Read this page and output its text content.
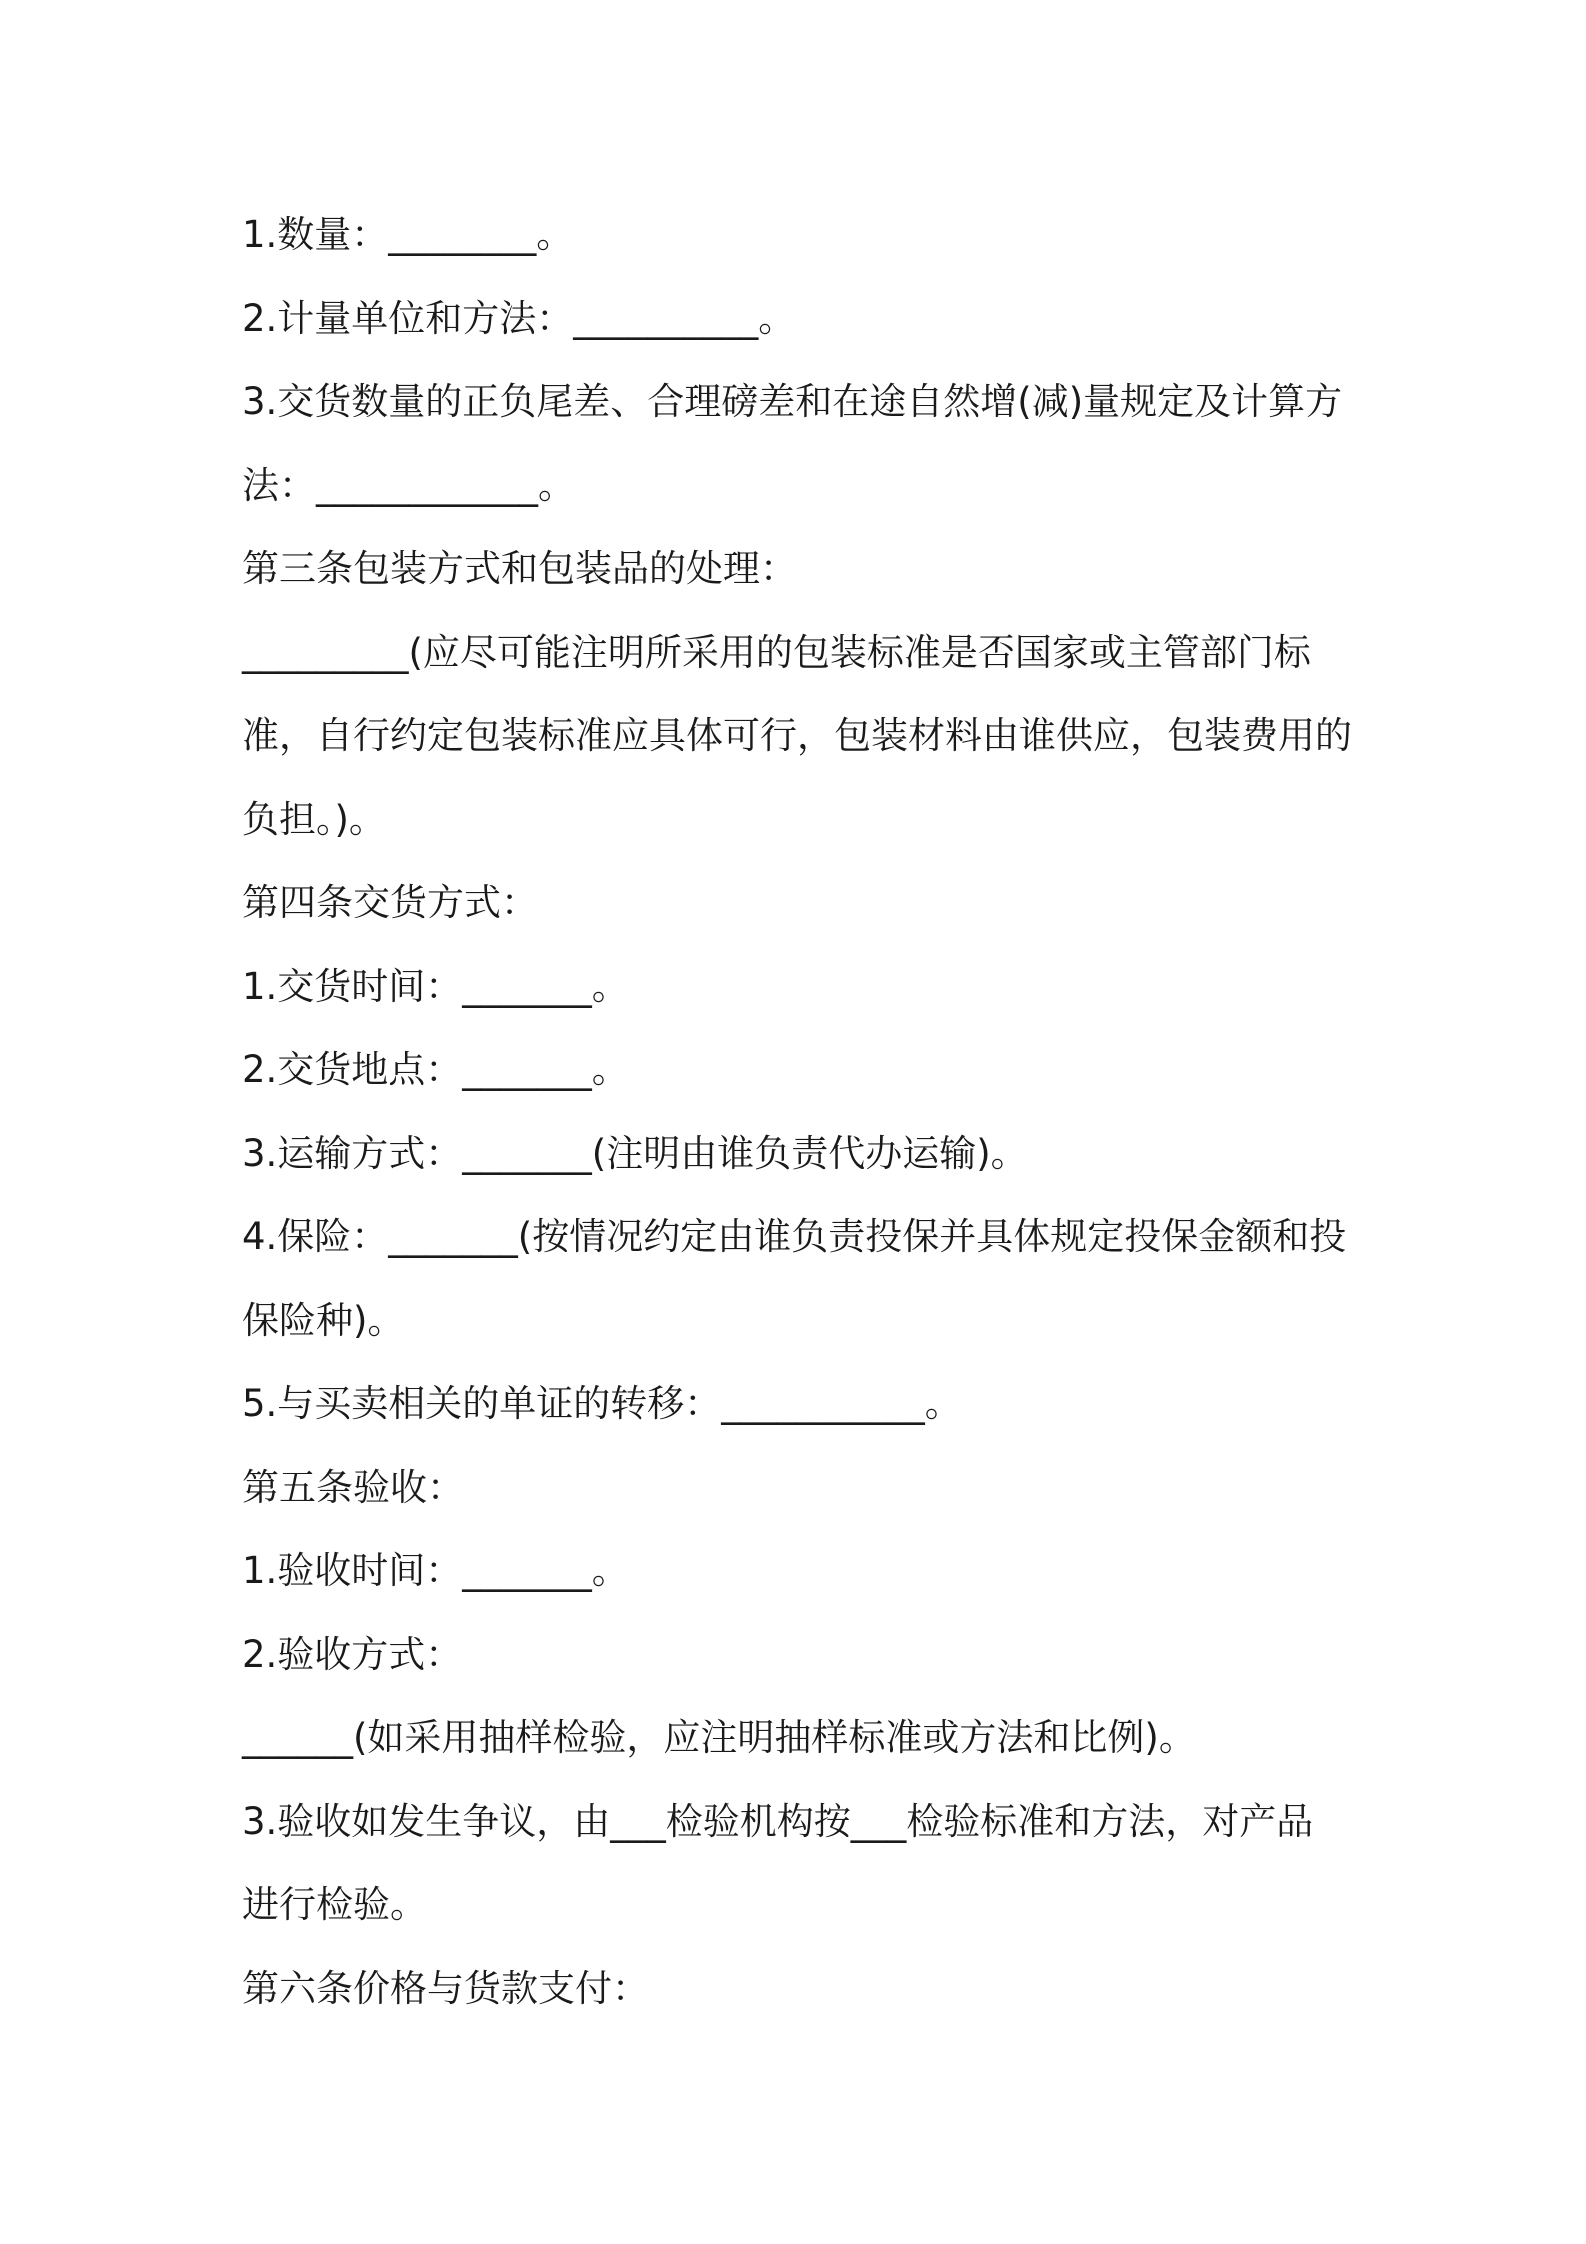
1.数量：________。

2.计量单位和方法：__________。

3.交货数量的正负尾差、合理磅差和在途自然增(减)量规定及计算方

法：____________。

第三条包装方式和包装品的处理：

_________(应尽可能注明所采用的包装标准是否国家或主管部门标

准，自行约定包装标准应具体可行，包装材料由谁供应，包装费用的

负担。)。

第四条交货方式：

1.交货时间：_______。

2.交货地点：_______。

3.运输方式：_______(注明由谁负责代办运输)。

4.保险：_______(按情况约定由谁负责投保并具体规定投保金额和投

保险种)。

5.与买卖相关的单证的转移：___________。

第五条验收：

1.验收时间：_______。

2.验收方式：

______(如采用抽样检验，应注明抽样标准或方法和比例)。

3.验收如发生争议，由___检验机构按___检验标准和方法，对产品

进行检验。

第六条价格与货款支付：
